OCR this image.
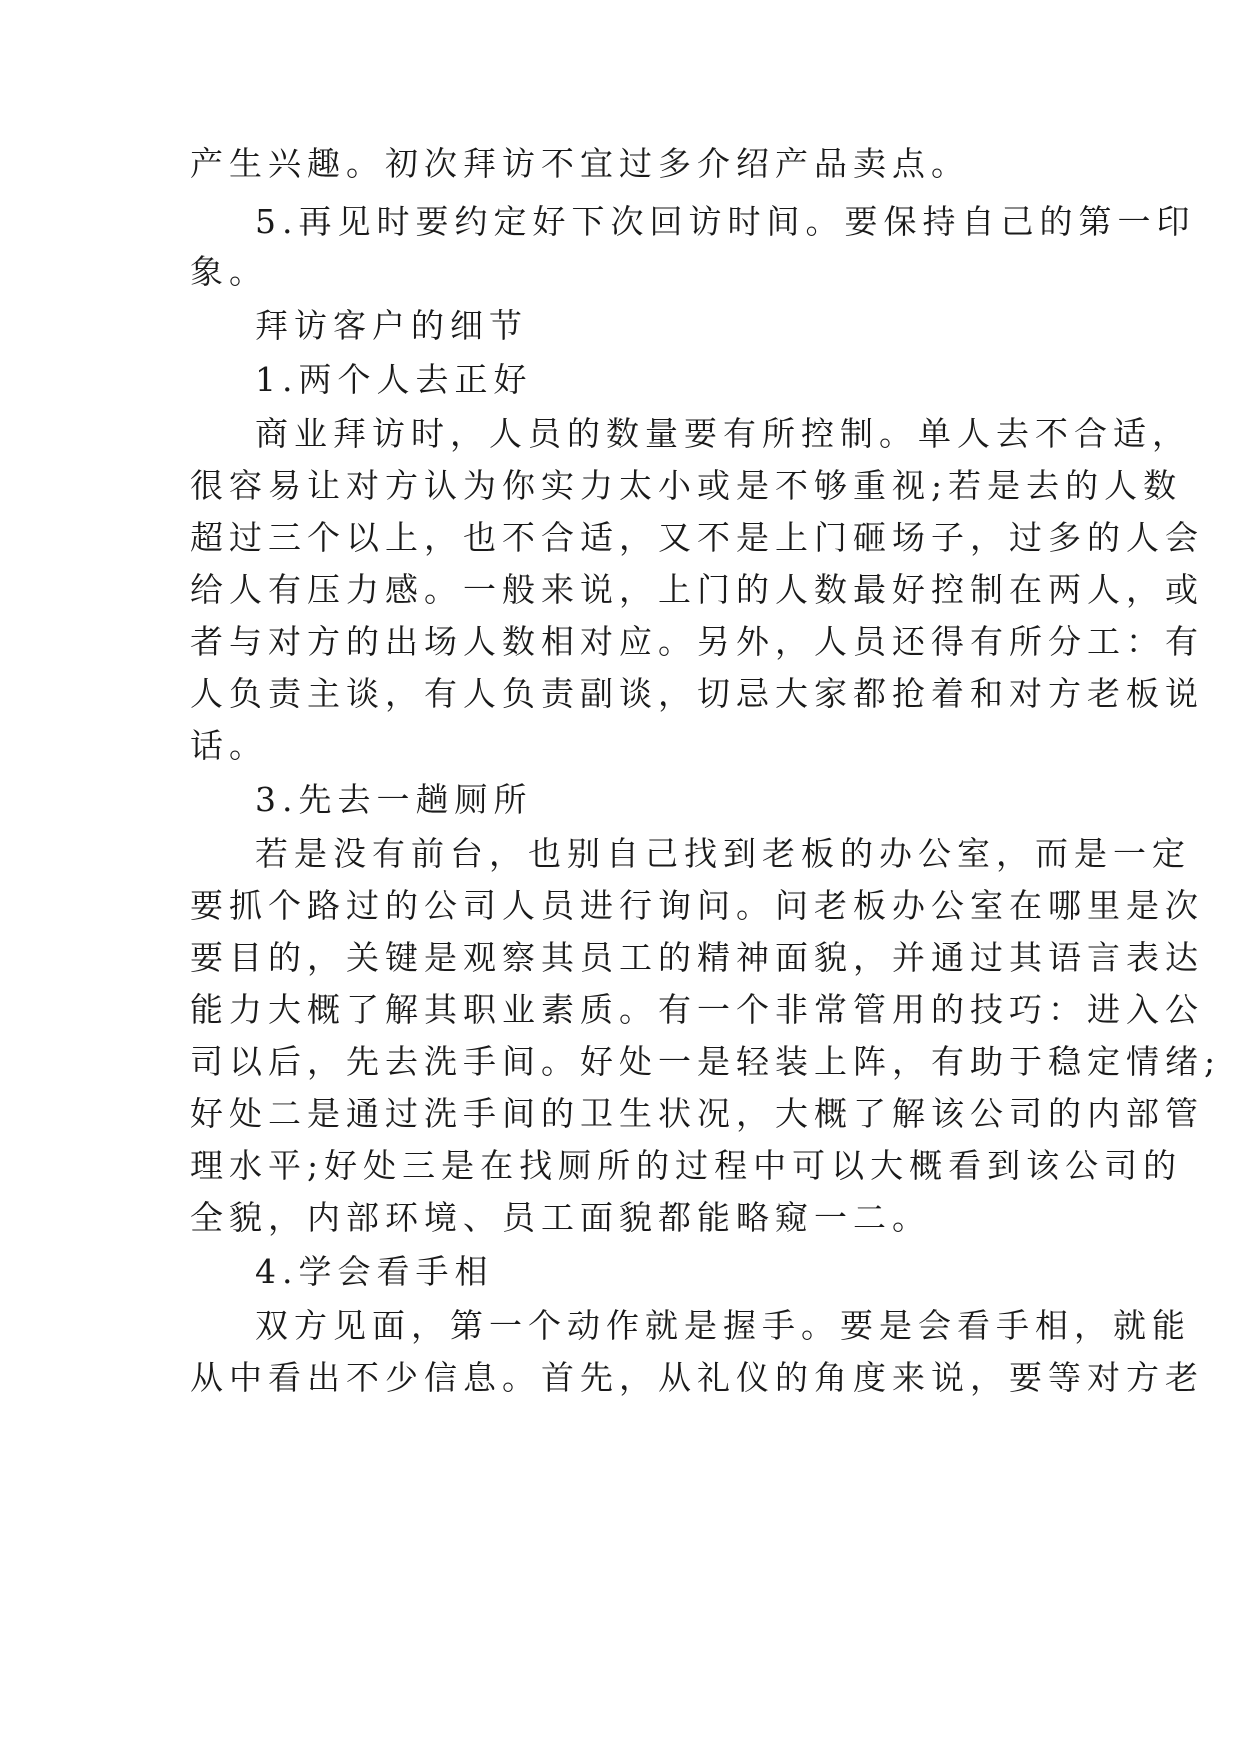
产生兴趣。初次拜访不宜过多介绍产品卖点。
5.再见时要约定好下次回访时间。要保持自己的第一印
象。
拜访客户的细节
1.两个人去正好
商业拜访时，人员的数量要有所控制。单人去不合适，
很容易让对方认为你实力太小或是不够重视;若是去的人数
超过三个以上，也不合适，又不是上门砸场子，过多的人会
给人有压力感。一般来说，上门的人数最好控制在两人，或
者与对方的出场人数相对应。另外，人员还得有所分工：有
人负责主谈，有人负责副谈，切忌大家都抢着和对方老板说
话。
3.先去一趟厕所
若是没有前台，也别自己找到老板的办公室，而是一定
要抓个路过的公司人员进行询问。问老板办公室在哪里是次
要目的，关键是观察其员工的精神面貌，并通过其语言表达
能力大概了解其职业素质。有一个非常管用的技巧：进入公
司以后，先去洗手间。好处一是轻装上阵，有助于稳定情绪;
好处二是通过洗手间的卫生状况，大概了解该公司的内部管
理水平;好处三是在找厕所的过程中可以大概看到该公司的
全貌，内部环境、员工面貌都能略窥一二。
4.学会看手相
双方见面，第一个动作就是握手。要是会看手相，就能
从中看出不少信息。首先，从礼仪的角度来说，要等对方老
